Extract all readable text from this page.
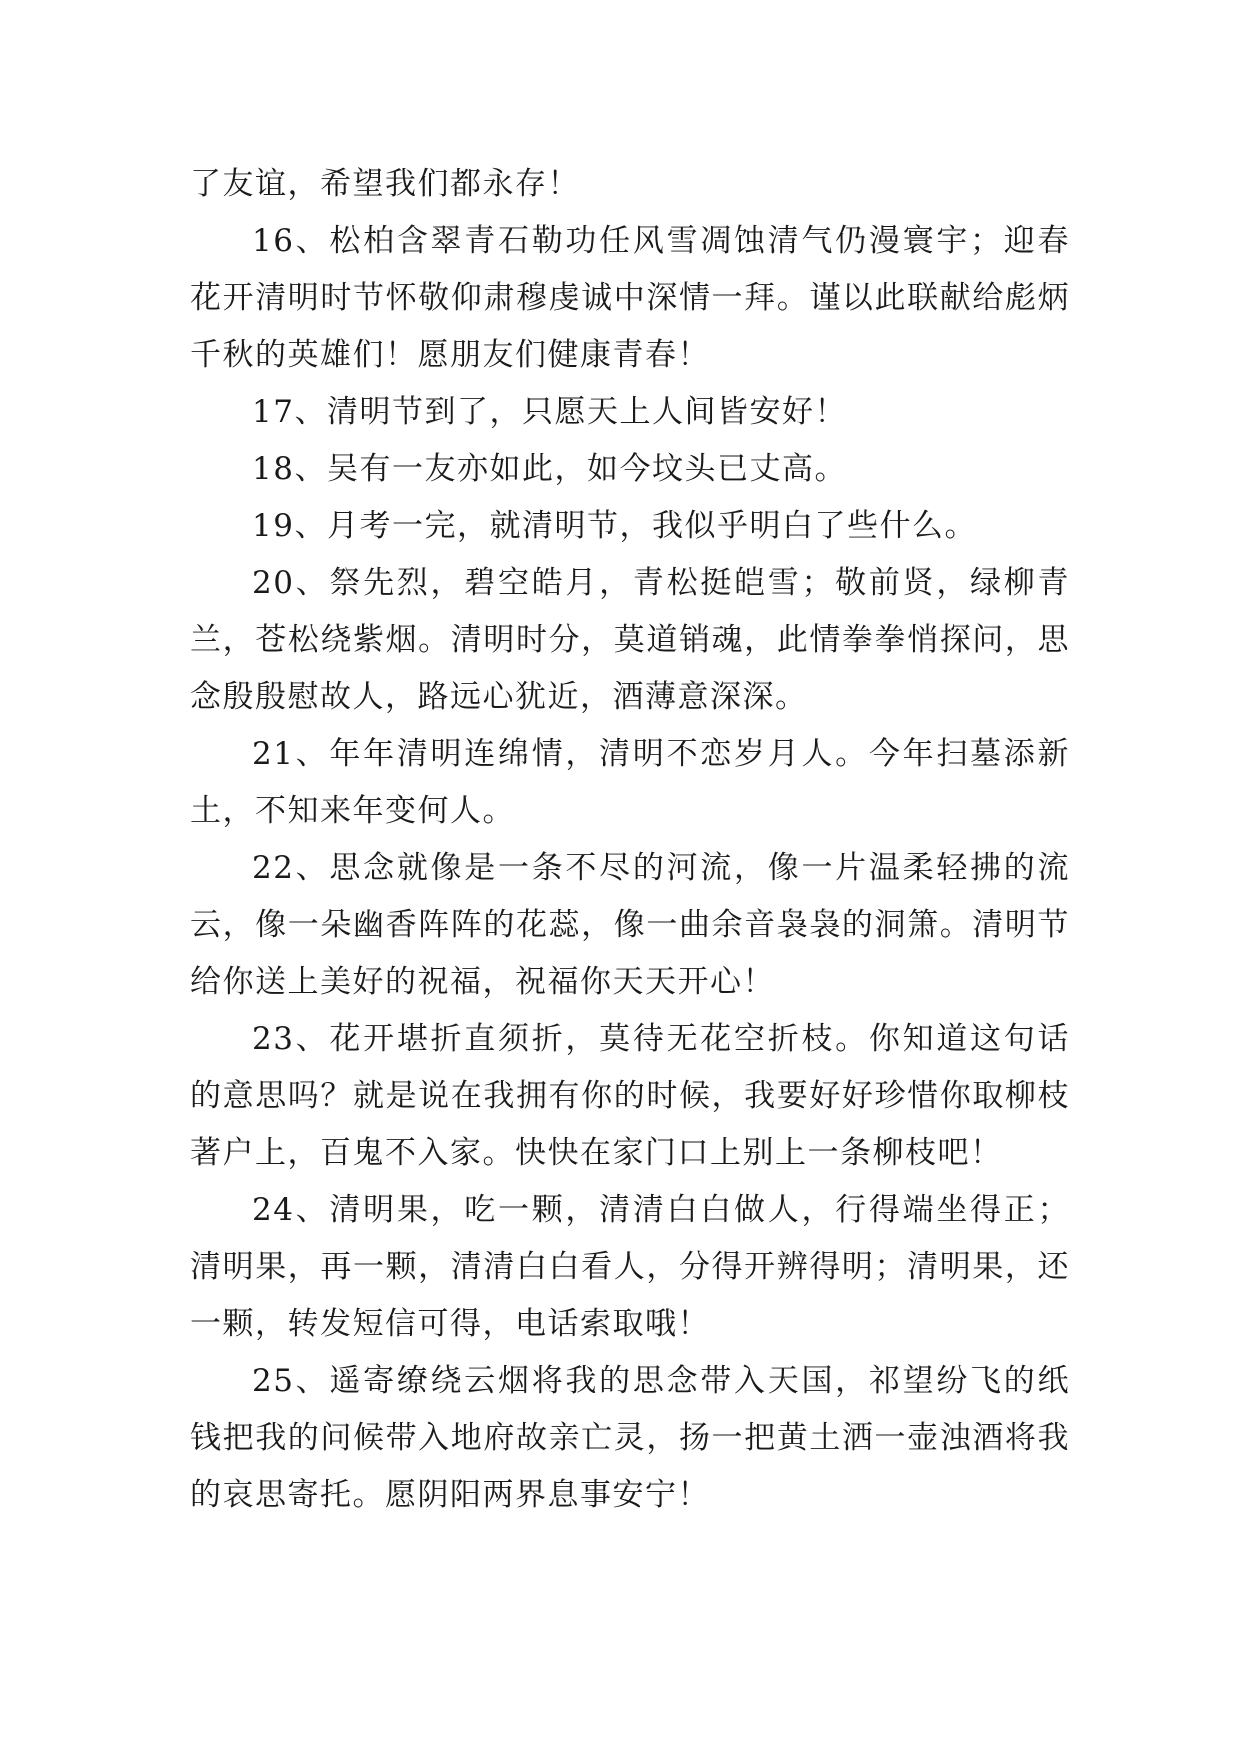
了友谊，希望我们都永存！

16、松柏含翠青石勒功任风雪凋蚀清气仍漫寰宇；迎春花开清明时节怀敬仰肃穆虔诚中深情一拜。谨以此联献给彪炳千秋的英雄们！愿朋友们健康青春！

17、清明节到了，只愿天上人间皆安好！

18、吴有一友亦如此，如今坟头已丈高。

19、月考一完，就清明节，我似乎明白了些什么。

20、祭先烈，碧空皓月，青松挺皑雪；敬前贤，绿柳青兰，苍松绕紫烟。清明时分，莫道销魂，此情拳拳悄探问，思念殷殷慰故人，路远心犹近，酒薄意深深。

21、年年清明连绵情，清明不恋岁月人。今年扫墓添新土，不知来年变何人。

22、思念就像是一条不尽的河流，像一片温柔轻拂的流云，像一朵幽香阵阵的花蕊，像一曲余音袅袅的洞箫。清明节给你送上美好的祝福，祝福你天天开心！

23、花开堪折直须折，莫待无花空折枝。你知道这句话的意思吗？就是说在我拥有你的时候，我要好好珍惜你取柳枝著户上，百鬼不入家。快快在家门口上别上一条柳枝吧！

24、清明果，吃一颗，清清白白做人，行得端坐得正；清明果，再一颗，清清白白看人，分得开辨得明；清明果，还一颗，转发短信可得，电话索取哦！

25、遥寄缭绕云烟将我的思念带入天国，祁望纷飞的纸钱把我的问候带入地府故亲亡灵，扬一把黄土洒一壶浊酒将我的哀思寄托。愿阴阳两界息事安宁！
